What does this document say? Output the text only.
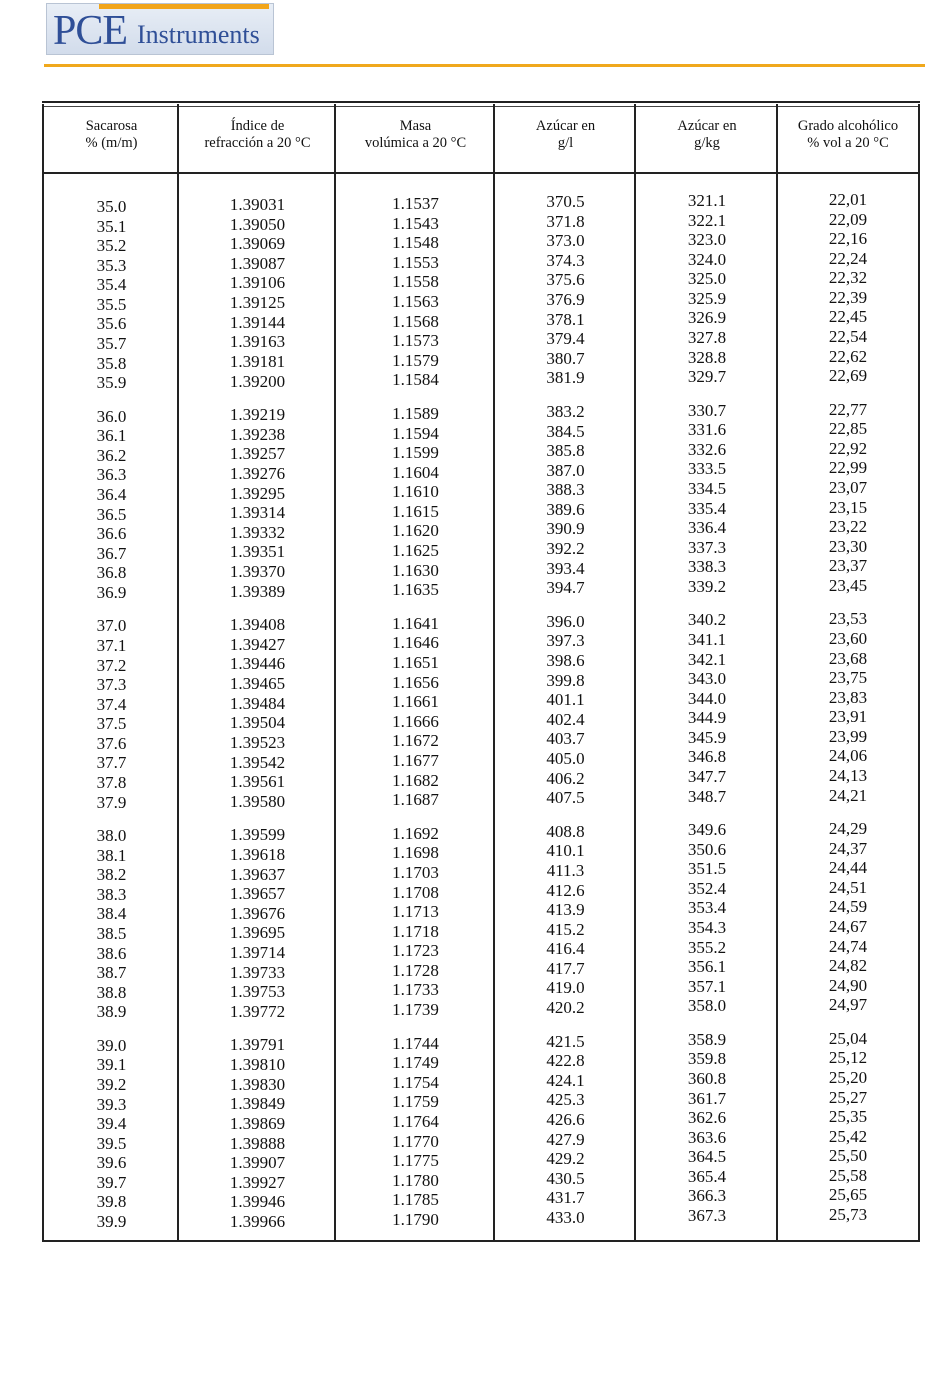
PCE Instruments
Sacarosa
% (m/m)
Índice de
refracción a 20 °C
Masa
volúmica a 20 °C
Azúcar en
g/l
Azúcar en
g/kg
Grado alcohólico
% vol a 20 °C
35.0
35.1
35.2
35.3
35.4
35.5
35.6
35.7
35.8
35.9
36.0
36.1
36.2
36.3
36.4
36.5
36.6
36.7
36.8
36.9
37.0
37.1
37.2
37.3
37.4
37.5
37.6
37.7
37.8
37.9
38.0
38.1
38.2
38.3
38.4
38.5
38.6
38.7
38.8
38.9
39.0
39.1
39.2
39.3
39.4
39.5
39.6
39.7
39.8
39.9
1.39031
1.39050
1.39069
1.39087
1.39106
1.39125
1.39144
1.39163
1.39181
1.39200
1.39219
1.39238
1.39257
1.39276
1.39295
1.39314
1.39332
1.39351
1.39370
1.39389
1.39408
1.39427
1.39446
1.39465
1.39484
1.39504
1.39523
1.39542
1.39561
1.39580
1.39599
1.39618
1.39637
1.39657
1.39676
1.39695
1.39714
1.39733
1.39753
1.39772
1.39791
1.39810
1.39830
1.39849
1.39869
1.39888
1.39907
1.39927
1.39946
1.39966
1.1537
1.1543
1.1548
1.1553
1.1558
1.1563
1.1568
1.1573
1.1579
1.1584
1.1589
1.1594
1.1599
1.1604
1.1610
1.1615
1.1620
1.1625
1.1630
1.1635
1.1641
1.1646
1.1651
1.1656
1.1661
1.1666
1.1672
1.1677
1.1682
1.1687
1.1692
1.1698
1.1703
1.1708
1.1713
1.1718
1.1723
1.1728
1.1733
1.1739
1.1744
1.1749
1.1754
1.1759
1.1764
1.1770
1.1775
1.1780
1.1785
1.1790
370.5
371.8
373.0
374.3
375.6
376.9
378.1
379.4
380.7
381.9
383.2
384.5
385.8
387.0
388.3
389.6
390.9
392.2
393.4
394.7
396.0
397.3
398.6
399.8
401.1
402.4
403.7
405.0
406.2
407.5
408.8
410.1
411.3
412.6
413.9
415.2
416.4
417.7
419.0
420.2
421.5
422.8
424.1
425.3
426.6
427.9
429.2
430.5
431.7
433.0
321.1
322.1
323.0
324.0
325.0
325.9
326.9
327.8
328.8
329.7
330.7
331.6
332.6
333.5
334.5
335.4
336.4
337.3
338.3
339.2
340.2
341.1
342.1
343.0
344.0
344.9
345.9
346.8
347.7
348.7
349.6
350.6
351.5
352.4
353.4
354.3
355.2
356.1
357.1
358.0
358.9
359.8
360.8
361.7
362.6
363.6
364.5
365.4
366.3
367.3
22,01
22,09
22,16
22,24
22,32
22,39
22,45
22,54
22,62
22,69
22,77
22,85
22,92
22,99
23,07
23,15
23,22
23,30
23,37
23,45
23,53
23,60
23,68
23,75
23,83
23,91
23,99
24,06
24,13
24,21
24,29
24,37
24,44
24,51
24,59
24,67
24,74
24,82
24,90
24,97
25,04
25,12
25,20
25,27
25,35
25,42
25,50
25,58
25,65
25,73
